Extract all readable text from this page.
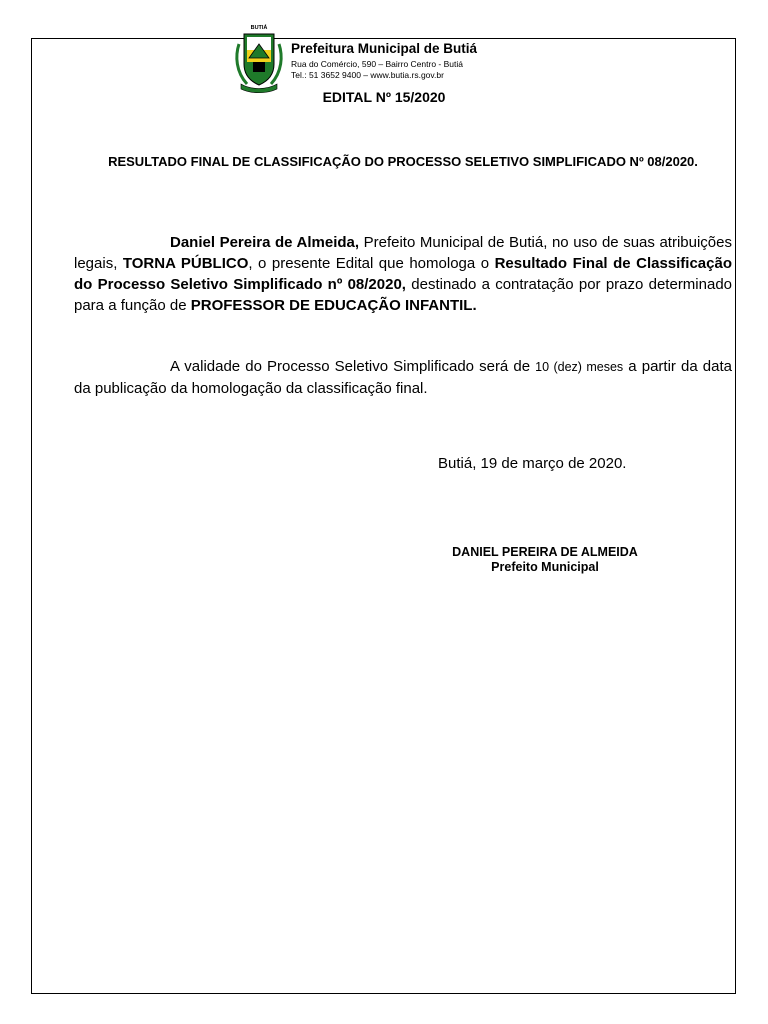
BUTIÁ
Prefeitura Municipal de Butiá
Rua do Comércio, 590 – Bairro Centro - Butiá
Tel.: 51 3652 9400 – www.butia.rs.gov.br
EDITAL Nº 15/2020
RESULTADO FINAL DE CLASSIFICAÇÃO DO PROCESSO SELETIVO SIMPLIFICADO Nº 08/2020.
Daniel Pereira de Almeida, Prefeito Municipal de Butiá, no uso de suas atribuições legais, TORNA PÚBLICO, o presente Edital que homologa o Resultado Final de Classificação do Processo Seletivo Simplificado nº 08/2020, destinado a contratação por prazo determinado para a função de PROFESSOR DE EDUCAÇÃO INFANTIL.
A validade do Processo Seletivo Simplificado será de 10 (dez) meses a partir da data da publicação da homologação da classificação final.
Butiá, 19 de março de 2020.
DANIEL PEREIRA DE ALMEIDA
Prefeito Municipal
